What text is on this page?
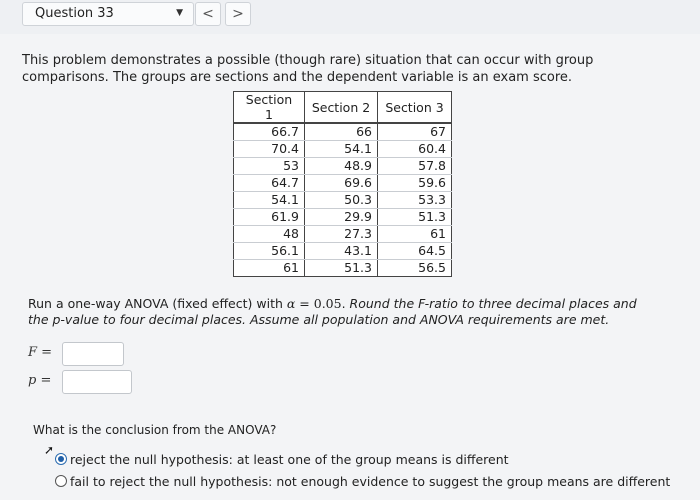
Question 33	▼	<	>

This problem demonstrates a possible (though rare) situation that can occur with group comparisons. The groups are sections and the dependent variable is an exam score.

Section 1	Section 2	Section 3
66.7	66	67
70.4	54.1	60.4
53	48.9	57.8
64.7	69.6	59.6
54.1	50.3	53.3
61.9	29.9	51.3
48	27.3	61
56.1	43.1	64.5
61	51.3	56.5

Run a one-way ANOVA (fixed effect) with α = 0.05. Round the F-ratio to three decimal places and the p-value to four decimal places. Assume all population and ANOVA requirements are met.

F =
p =

What is the conclusion from the ANOVA?

➚
reject the null hypothesis: at least one of the group means is different
fail to reject the null hypothesis: not enough evidence to suggest the group means are different
